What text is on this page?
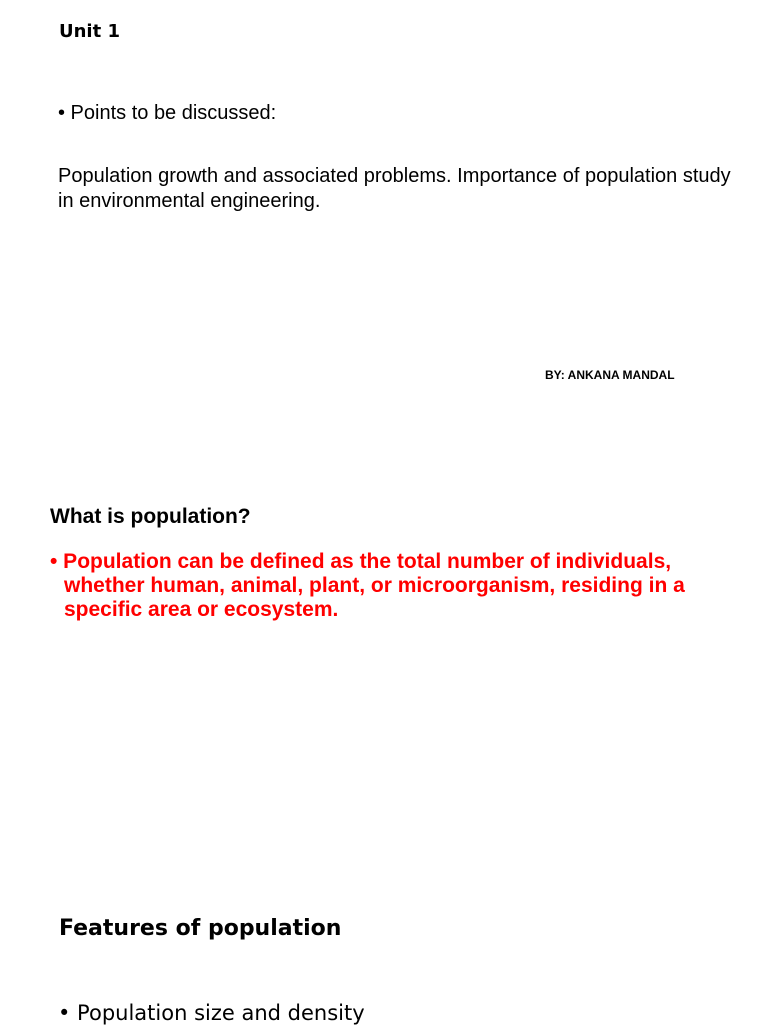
Unit 1

• Points to be discussed:

Population growth and associated problems. Importance of population study in environmental engineering.

BY: ANKANA MANDAL

What is population?

• Population can be defined as the total number of individuals, whether human, animal, plant, or microorganism, residing in a specific area or ecosystem.

Features of population

• Population size and density
